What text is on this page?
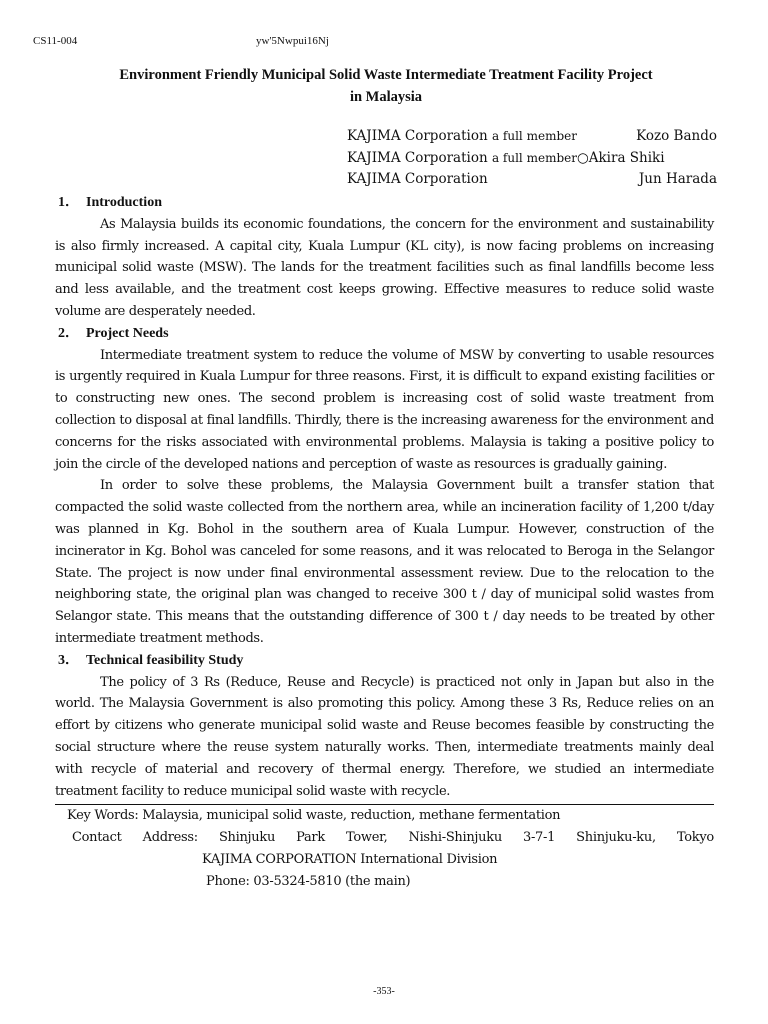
CS11-004	yw'5Nwpui16Nj
Environment Friendly Municipal Solid Waste Intermediate Treatment Facility Project
in Malaysia
KAJIMA Corporation a full member	Kozo Bando
KAJIMA Corporation a full member○Akira Shiki
KAJIMA Corporation	Jun Harada
1． Introduction

As Malaysia builds its economic foundations, the concern for the environment and sustainability is also firmly increased. A capital city, Kuala Lumpur (KL city), is now facing problems on increasing municipal solid waste (MSW). The lands for the treatment facilities such as final landfills become less and less available, and the treatment cost keeps growing. Effective measures to reduce solid waste volume are desperately needed.

2． Project Needs

Intermediate treatment system to reduce the volume of MSW by converting to usable resources is urgently required in Kuala Lumpur for three reasons. First, it is difficult to expand existing facilities or to constructing new ones. The second problem is increasing cost of solid waste treatment from collection to disposal at final landfills. Thirdly, there is the increasing awareness for the environment and concerns for the risks associated with environmental problems. Malaysia is taking a positive policy to join the circle of the developed nations and perception of waste as resources is gradually gaining.

In order to solve these problems, the Malaysia Government built a transfer station that compacted the solid waste collected from the northern area, while an incineration facility of 1,200 t/day was planned in Kg. Bohol in the southern area of Kuala Lumpur. However, construction of the incinerator in Kg. Bohol was canceled for some reasons, and it was relocated to Beroga in the Selangor State. The project is now under final environmental assessment review. Due to the relocation to the neighboring state, the original plan was changed to receive 300 t / day of municipal solid wastes from Selangor state. This means that the outstanding difference of 300 t / day needs to be treated by other intermediate treatment methods.

3． Technical feasibility Study

The policy of 3 Rs (Reduce, Reuse and Recycle) is practiced not only in Japan but also in the world. The Malaysia Government is also promoting this policy. Among these 3 Rs, Reduce relies on an effort by citizens who generate municipal solid waste and Reuse becomes feasible by constructing the social structure where the reuse system naturally works. Then, intermediate treatments mainly deal with recycle of material and recovery of thermal energy. Therefore, we studied an intermediate treatment facility to reduce municipal solid waste with recycle.

Key Words: Malaysia, municipal solid waste, reduction, methane fermentation
Contact Address: Shinjuku Park Tower, Nishi-Shinjuku 3-7-1 Shinjuku-ku, Tokyo
KAJIMA CORPORATION International Division
Phone: 03-5324-5810 (the main)
-353-
